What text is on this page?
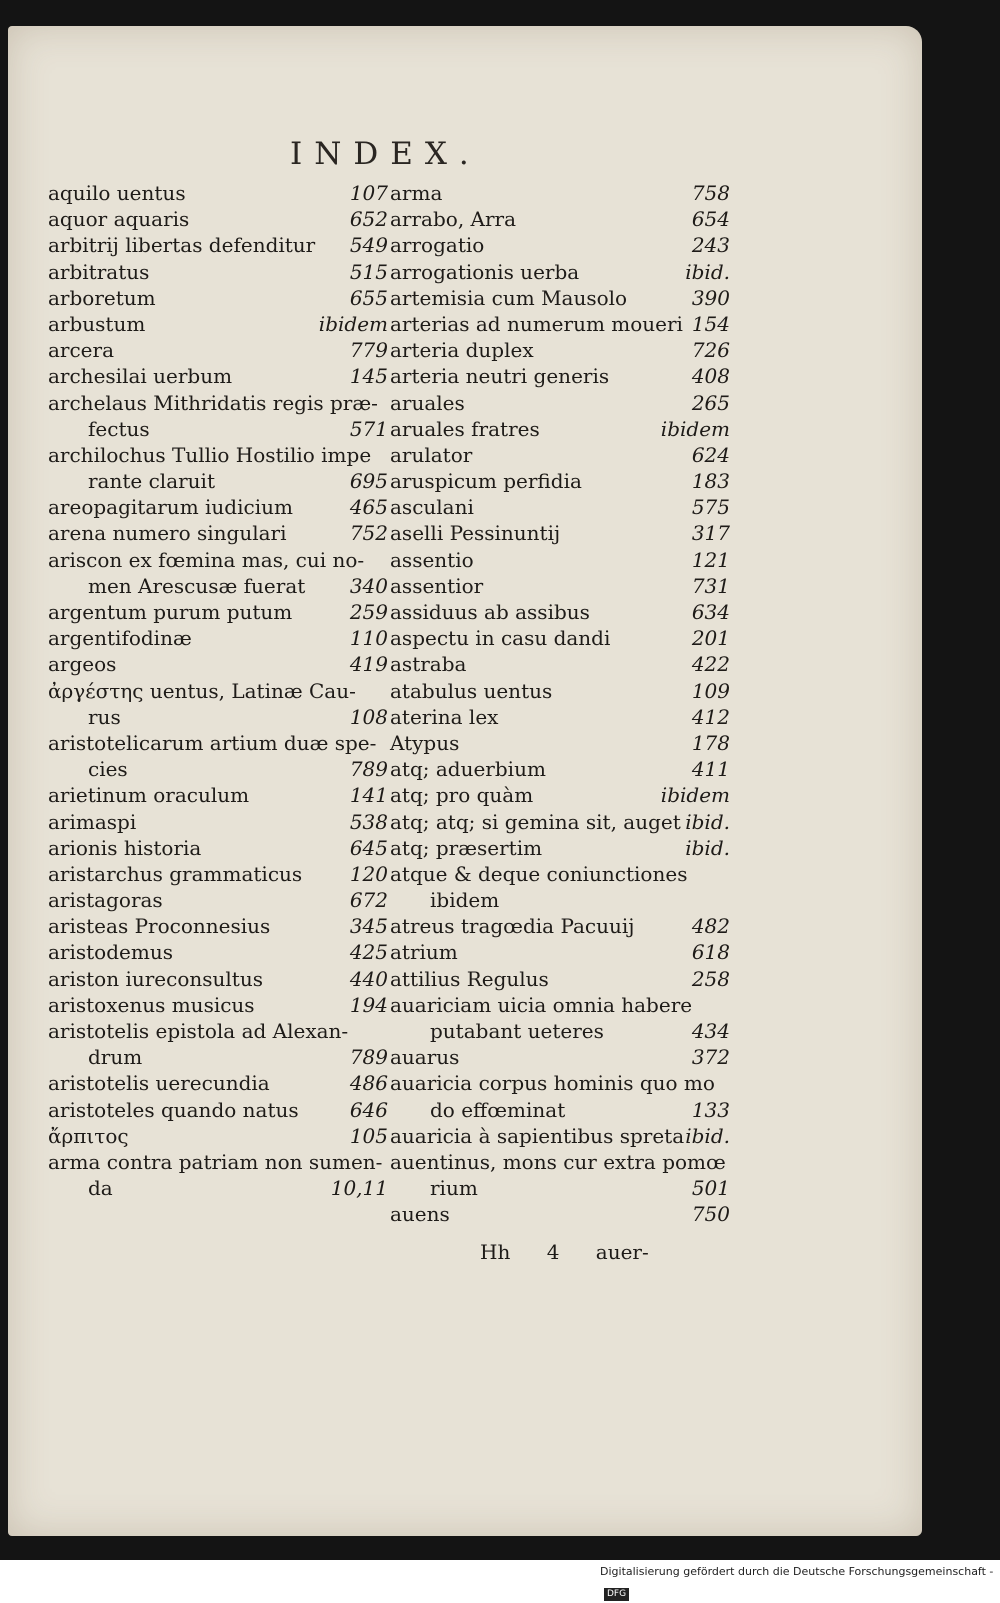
INDEX.
aquilo uentus	107
aquor aquaris	652
arbitrij libertas defenditur 549
arbitratus	515
arboretum	655
arbustum	ibidem
arcera	779
archesilai uerbum	145
archelaus Mithridatis regis præ-
fectus	571
archilochus Tullio Hostilio impe
rante claruit	695
areopagitarum iudicium	465
arena numero singulari	752
ariscon ex fœmina mas, cui no-
men Arescusæ fuerat 340
argentum purum putum	259
argentifodinæ	110
argeos	419
ἀργέστης uentus, Latinæ Cau-
rus	108
aristotelicarum artium duæ spe-
cies	789
arietinum oraculum	141
arimaspi	538
arionis historia	645
aristarchus grammaticus 120
aristagoras	672
aristeas Proconnesius	345
aristodemus	425
ariston iureconsultus	440
aristoxenus musicus	194
aristotelis epistola ad Alexan-
drum	789
aristotelis uerecundia	486
aristoteles quando natus	646
ἄρπιτος	105
arma contra patriam non sumen-
da	10,11
arma	758
arrabo, Arra	654
arrogatio	243
arrogationis uerba	ibid.
artemisia cum Mausolo	390
arterias ad numerum moueri 154
arteria duplex	726
arteria neutri generis	408
aruales	265
aruales fratres	ibidem
arulator	624
aruspicum perfidia	183
asculani	575
aselli Pessinuntij	317
assentio	121
assentior	731
assiduus ab assibus	634
aspectu in casu dandi	201
astraba	422
atabulus uentus	109
aterina lex	412
Atypus	178
atq; aduerbium	411
atq; pro quàm	ibidem
atq; atq; si gemina sit, auget ibid.
atq; præsertim	ibid.
atque & deque coniunctiones
ibidem
atreus tragœdia Pacuuij	482
atrium	618
attilius Regulus	258
auariciam uicia omnia habere
putabant ueteres	434
auarus	372
auaricia corpus hominis quo mo
do effœminat	133
auaricia à sapientibus spreta ibid.
auentinus, mons cur extra pomœ
rium	501
auens	750
Hh 4 auer-
Digitalisierung gefördert durch die Deutsche Forschungsgemeinschaft -DFG
